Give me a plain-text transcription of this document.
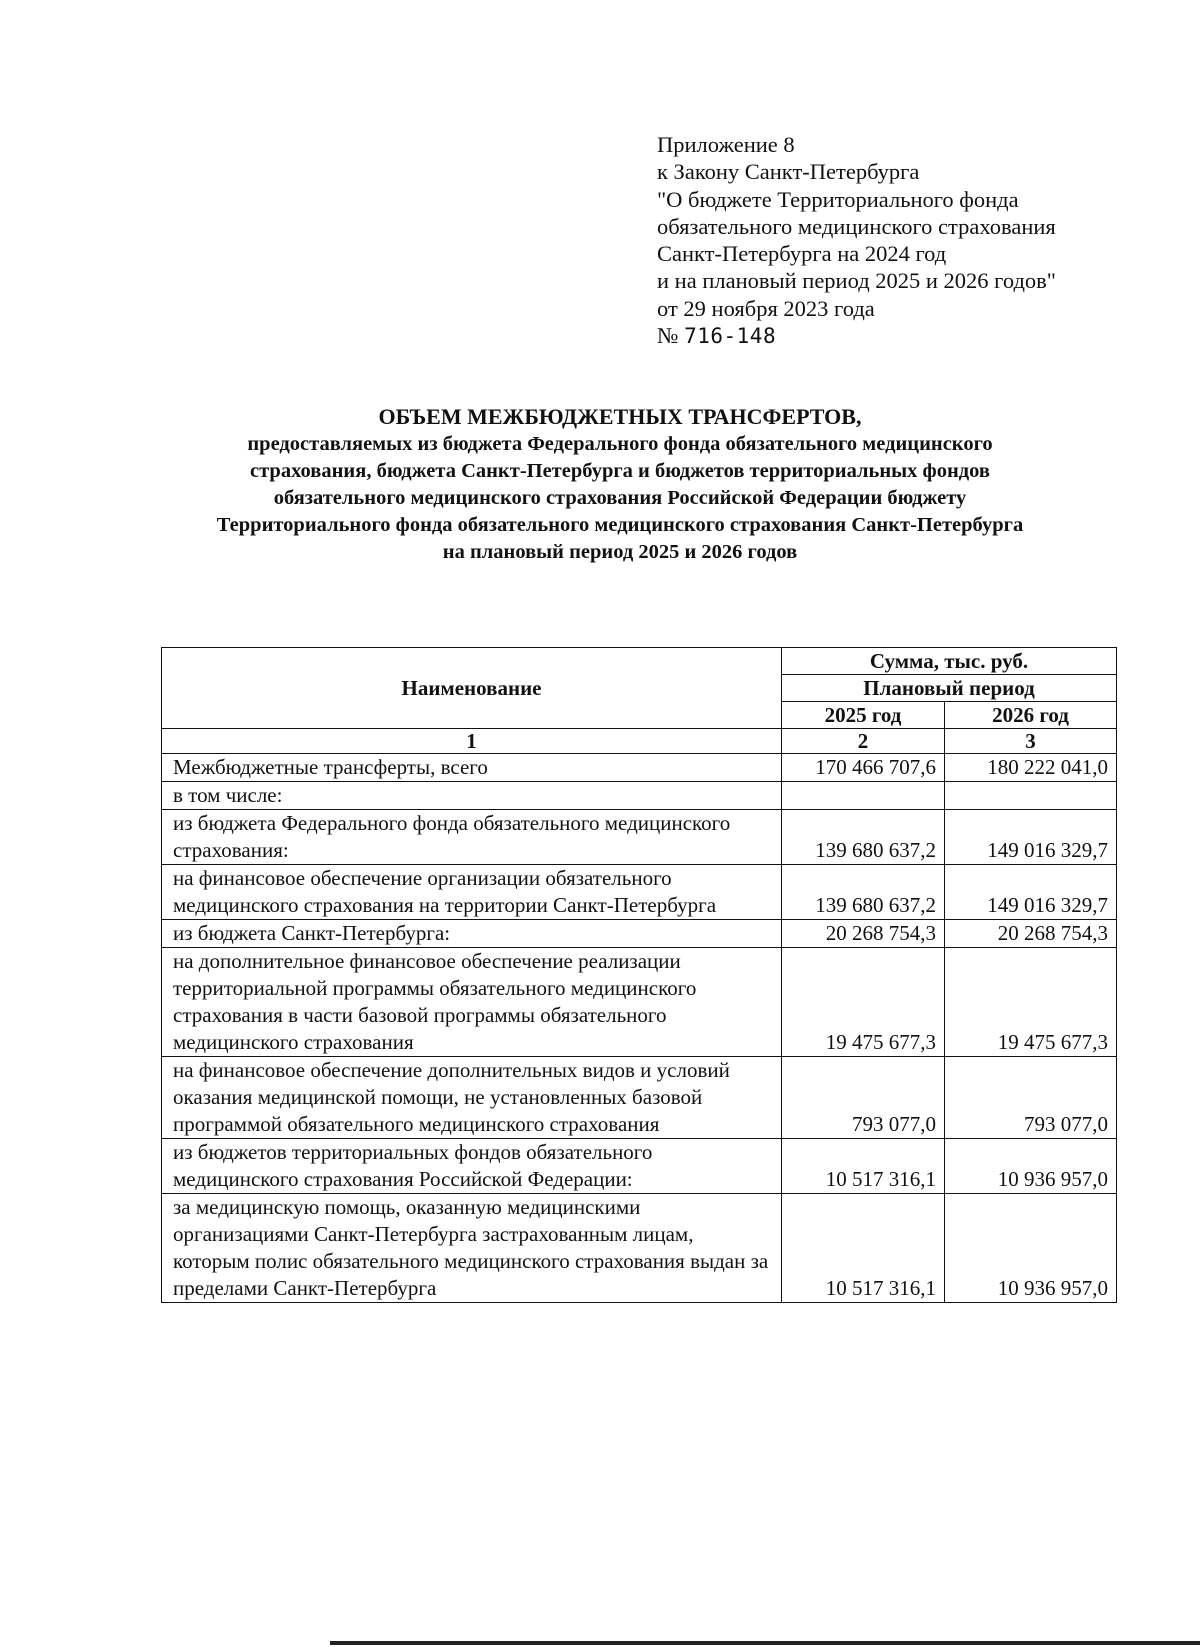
Приложение 8
к Закону Санкт-Петербурга
"О бюджете Территориального фонда
обязательного медицинского страхования
Санкт-Петербурга на 2024 год
и на плановый период 2025 и 2026 годов"
от 29 ноября 2023 года
№ 716-148
ОБЪЕМ МЕЖБЮДЖЕТНЫХ ТРАНСФЕРТОВ,
предоставляемых из бюджета Федерального фонда обязательного медицинского
страхования, бюджета Санкт-Петербурга и бюджетов территориальных фондов
обязательного медицинского страхования Российской Федерации бюджету
Территориального фонда обязательного медицинского страхования Санкт-Петербурга
на плановый период 2025 и 2026 годов
Наименование	Сумма, тыс. руб.	
	Плановый период	
	2025 год	2026 год
1	2	3
Межбюджетные трансферты, всего	170 466 707,6	180 222 041,0
в том числе:		
из бюджета Федерального фонда обязательного медицинского страхования:	139 680 637,2	149 016 329,7
на финансовое обеспечение организации обязательного медицинского страхования на территории Санкт-Петербурга	139 680 637,2	149 016 329,7
из бюджета Санкт-Петербурга:	20 268 754,3	20 268 754,3
на дополнительное финансовое обеспечение реализации территориальной программы обязательного медицинского страхования в части базовой программы обязательного медицинского страхования	19 475 677,3	19 475 677,3
на финансовое обеспечение дополнительных видов и условий оказания медицинской помощи, не установленных базовой программой обязательного медицинского страхования	793 077,0	793 077,0
из бюджетов территориальных фондов обязательного медицинского страхования Российской Федерации:	10 517 316,1	10 936 957,0
за медицинскую помощь, оказанную медицинскими организациями Санкт-Петербурга застрахованным лицам, которым полис обязательного медицинского страхования выдан за пределами Санкт-Петербурга	10 517 316,1	10 936 957,0
